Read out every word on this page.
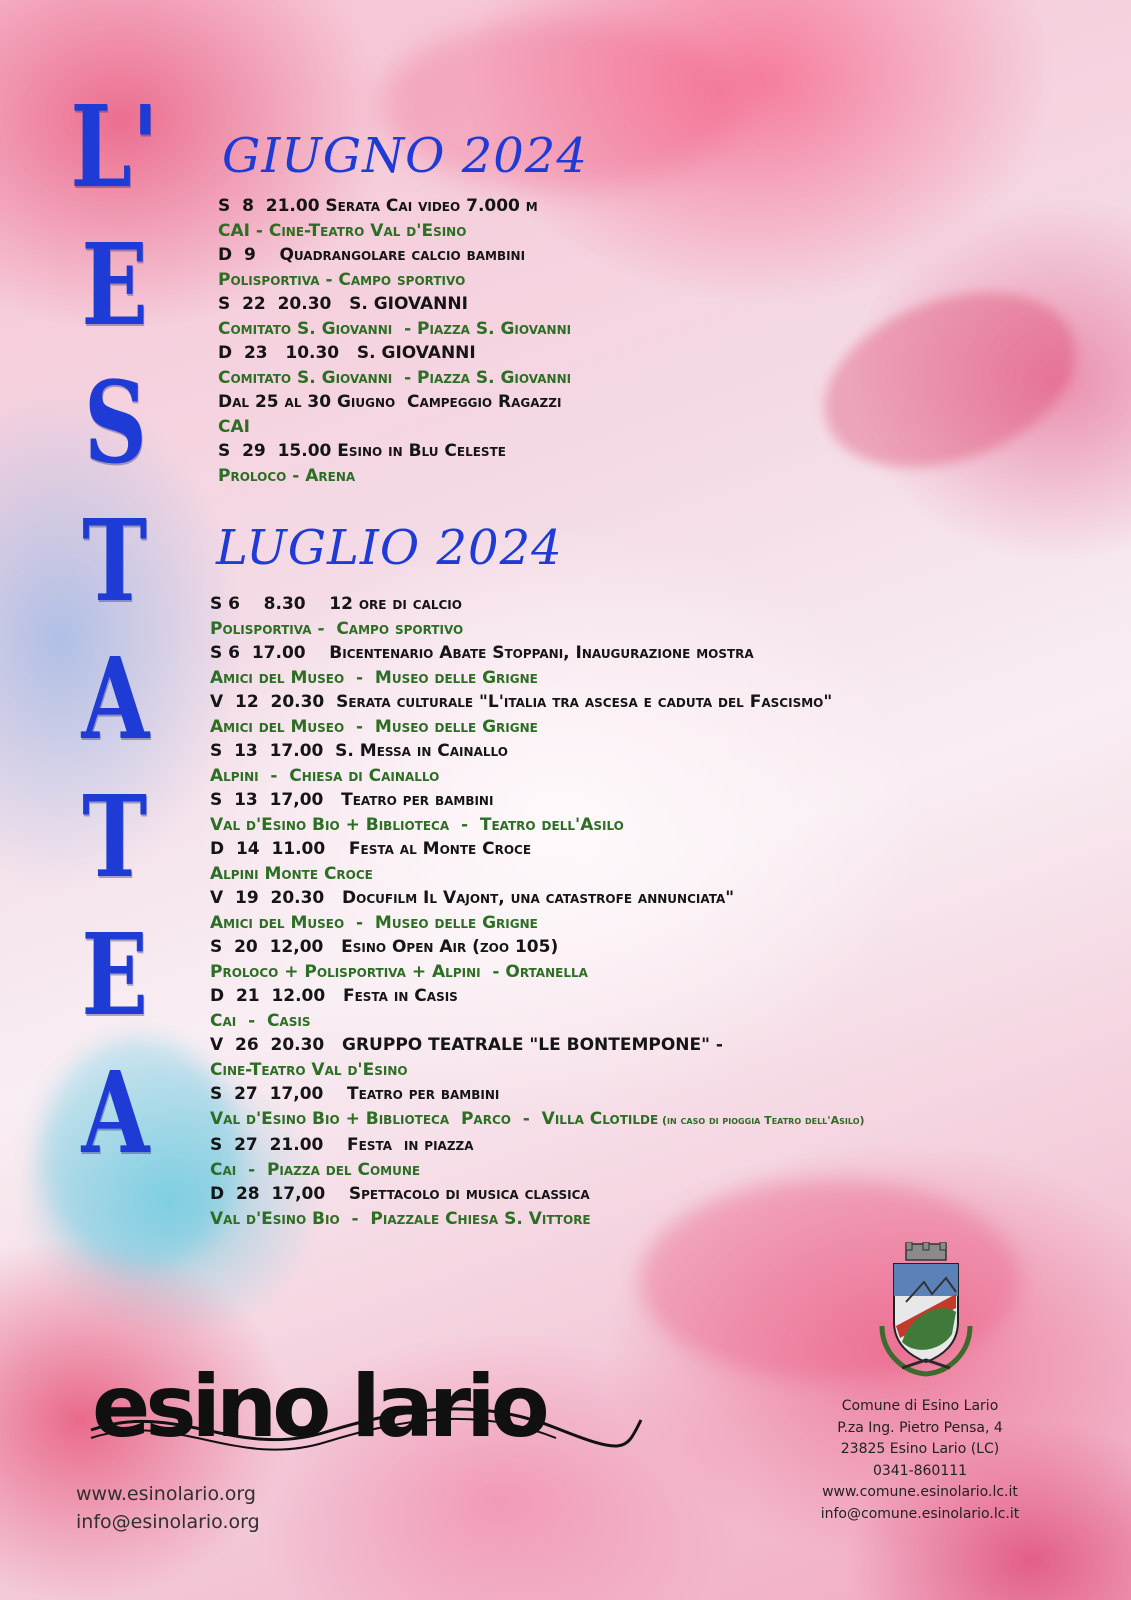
L'
E
S
T
A
T
E
A
GIUGNO 2024
S  8  21.00 Serata Cai video 7.000 m
CAI - Cine-Teatro Val d'Esino
D  9    Quadrangolare calcio bambini
Polisportiva - Campo sportivo
S  22  20.30   S. GIOVANNI
Comitato S. Giovanni  - Piazza S. Giovanni
D  23   10.30   S. GIOVANNI
Comitato S. Giovanni  - Piazza S. Giovanni
Dal 25 al 30 Giugno  Campeggio Ragazzi
CAI
S  29  15.00 Esino in Blu Celeste
Proloco - Arena
LUGLIO 2024
S 6    8.30    12 ore di calcio
Polisportiva -  Campo sportivo
S 6  17.00    Bicentenario Abate Stoppani, Inaugurazione mostra
Amici del Museo  -  Museo delle Grigne
V  12  20.30  Serata culturale "L'italia tra ascesa e caduta del Fascismo"
Amici del Museo  -  Museo delle Grigne
S  13  17.00  S. Messa in Cainallo
Alpini  -  Chiesa di Cainallo
S  13  17,00   Teatro per bambini
Val d'Esino Bio + Biblioteca  -  Teatro dell'Asilo
D  14  11.00    Festa al Monte Croce
Alpini Monte Croce
V  19  20.30   Docufilm Il Vajont, una catastrofe annunciata"
Amici del Museo  -  Museo delle Grigne
S  20  12,00   Esino Open Air (zoo 105)
Proloco + Polisportiva + Alpini  - Ortanella
D  21  12.00   Festa in Casis
Cai  -  Casis
V  26  20.30   GRUPPO TEATRALE "LE BONTEMPONE" -
Cine-Teatro Val d'Esino
S  27  17,00    Teatro per bambini
Val d'Esino Bio + Biblioteca  Parco  -  Villa Clotilde (in caso di pioggia Teatro dell'Asilo)
S  27  21.00    Festa  in piazza
Cai  -  Piazza del Comune
D  28  17,00    Spettacolo di musica classica
Val d'Esino Bio  -  Piazzale Chiesa S. Vittore
esino lario
www.esinolario.org
info@esinolario.org
Comune di Esino Lario
P.za Ing. Pietro Pensa, 4
23825 Esino Lario (LC)
0341-860111
www.comune.esinolario.lc.it
info@comune.esinolario.lc.it
